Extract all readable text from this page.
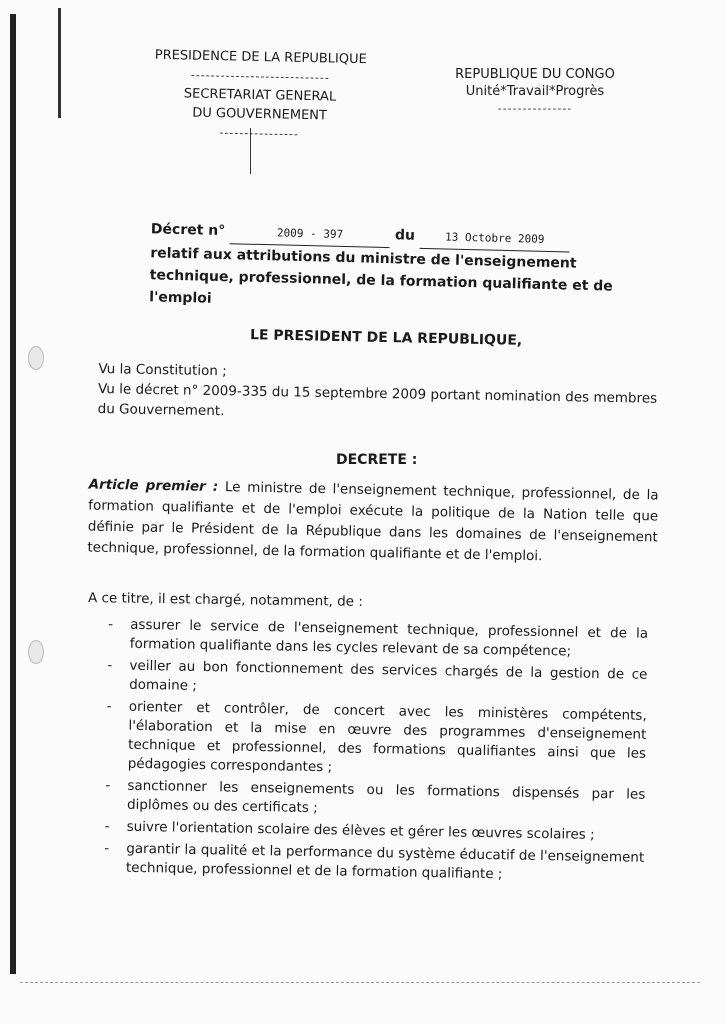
PRESIDENCE DE LA REPUBLIQUE
----------------------------
SECRETARIAT GENERAL
DU GOUVERNEMENT
----------------
REPUBLIQUE DU CONGO
Unité*Travail*Progrès
---------------
Décret n°	2009 - 397	du	13 Octobre 2009
relatif aux attributions du ministre de l'enseignement technique, professionnel, de la formation qualifiante et de l'emploi
LE PRESIDENT DE LA REPUBLIQUE,

Vu la Constitution ;

Vu le décret n° 2009-335 du 15 septembre 2009 portant nomination des membres du Gouvernement.

DECRETE :
Article premier : Le ministre de l'enseignement technique, professionnel, de la formation qualifiante et de l'emploi exécute la politique de la Nation telle que définie par le Président de la République dans les domaines de l'enseignement technique, professionnel, de la formation qualifiante et de l'emploi.
A ce titre, il est chargé, notamment, de :
- assurer le service de l'enseignement technique, professionnel et de la formation qualifiante dans les cycles relevant de sa compétence;
- veiller au bon fonctionnement des services chargés de la gestion de ce domaine ;
- orienter et contrôler, de concert avec les ministères compétents, l'élaboration et la mise en œuvre des programmes d'enseignement technique et professionnel, des formations qualifiantes ainsi que les pédagogies correspondantes ;
- sanctionner les enseignements ou les formations dispensés par les diplômes ou des certificats ;
- suivre l'orientation scolaire des élèves et gérer les œuvres scolaires ;
- garantir la qualité et la performance du système éducatif de l'enseignement technique, professionnel et de la formation qualifiante ;
